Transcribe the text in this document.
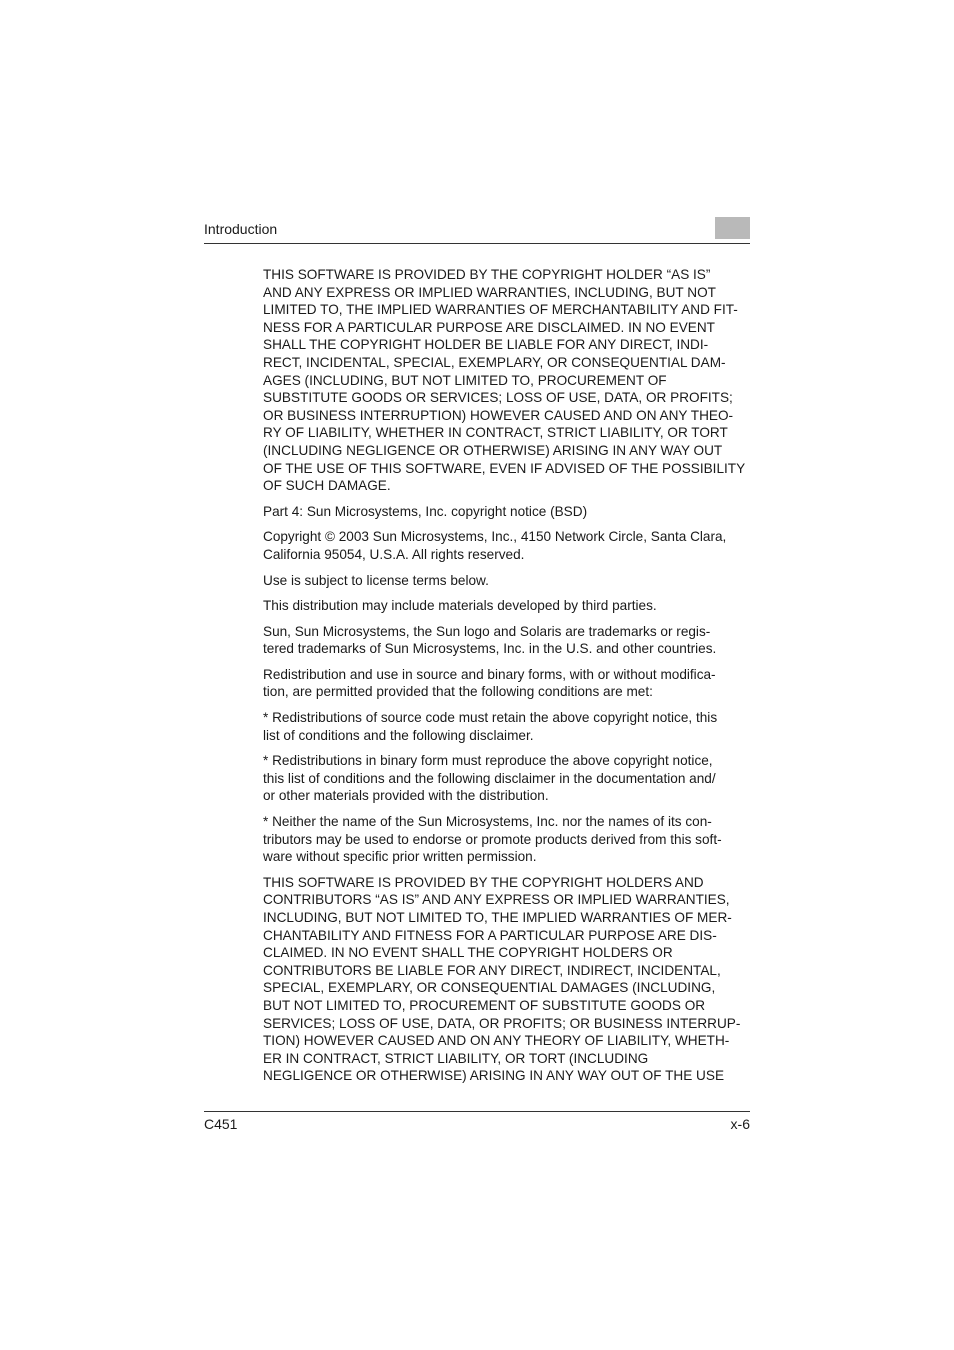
Introduction

THIS SOFTWARE IS PROVIDED BY THE COPYRIGHT HOLDER “AS IS”
AND ANY EXPRESS OR IMPLIED WARRANTIES, INCLUDING, BUT NOT
LIMITED TO, THE IMPLIED WARRANTIES OF MERCHANTABILITY AND FIT-
NESS FOR A PARTICULAR PURPOSE ARE DISCLAIMED. IN NO EVENT
SHALL THE COPYRIGHT HOLDER BE LIABLE FOR ANY DIRECT, INDI-
RECT, INCIDENTAL, SPECIAL, EXEMPLARY, OR CONSEQUENTIAL DAM-
AGES (INCLUDING, BUT NOT LIMITED TO, PROCUREMENT OF
SUBSTITUTE GOODS OR SERVICES; LOSS OF USE, DATA, OR PROFITS;
OR BUSINESS INTERRUPTION) HOWEVER CAUSED AND ON ANY THEO-
RY OF LIABILITY, WHETHER IN CONTRACT, STRICT LIABILITY, OR TORT
(INCLUDING NEGLIGENCE OR OTHERWISE) ARISING IN ANY WAY OUT
OF THE USE OF THIS SOFTWARE, EVEN IF ADVISED OF THE POSSIBILITY
OF SUCH DAMAGE.

Part 4: Sun Microsystems, Inc. copyright notice (BSD)

Copyright © 2003 Sun Microsystems, Inc., 4150 Network Circle, Santa Clara,
California 95054, U.S.A. All rights reserved.

Use is subject to license terms below.

This distribution may include materials developed by third parties.

Sun, Sun Microsystems, the Sun logo and Solaris are trademarks or regis-
tered trademarks of Sun Microsystems, Inc. in the U.S. and other countries.

Redistribution and use in source and binary forms, with or without modifica-
tion, are permitted provided that the following conditions are met:

* Redistributions of source code must retain the above copyright notice, this
list of conditions and the following disclaimer.

* Redistributions in binary form must reproduce the above copyright notice,
this list of conditions and the following disclaimer in the documentation and/
or other materials provided with the distribution.

* Neither the name of the Sun Microsystems, Inc. nor the names of its con-
tributors may be used to endorse or promote products derived from this soft-
ware without specific prior written permission.

THIS SOFTWARE IS PROVIDED BY THE COPYRIGHT HOLDERS AND
CONTRIBUTORS “AS IS” AND ANY EXPRESS OR IMPLIED WARRANTIES,
INCLUDING, BUT NOT LIMITED TO, THE IMPLIED WARRANTIES OF MER-
CHANTABILITY AND FITNESS FOR A PARTICULAR PURPOSE ARE DIS-
CLAIMED. IN NO EVENT SHALL THE COPYRIGHT HOLDERS OR
CONTRIBUTORS BE LIABLE FOR ANY DIRECT, INDIRECT, INCIDENTAL,
SPECIAL, EXEMPLARY, OR CONSEQUENTIAL DAMAGES (INCLUDING,
BUT NOT LIMITED TO, PROCUREMENT OF SUBSTITUTE GOODS OR
SERVICES; LOSS OF USE, DATA, OR PROFITS; OR BUSINESS INTERRUP-
TION) HOWEVER CAUSED AND ON ANY THEORY OF LIABILITY, WHETH-
ER IN CONTRACT, STRICT LIABILITY, OR TORT (INCLUDING
NEGLIGENCE OR OTHERWISE) ARISING IN ANY WAY OUT OF THE USE

C451	x-6
